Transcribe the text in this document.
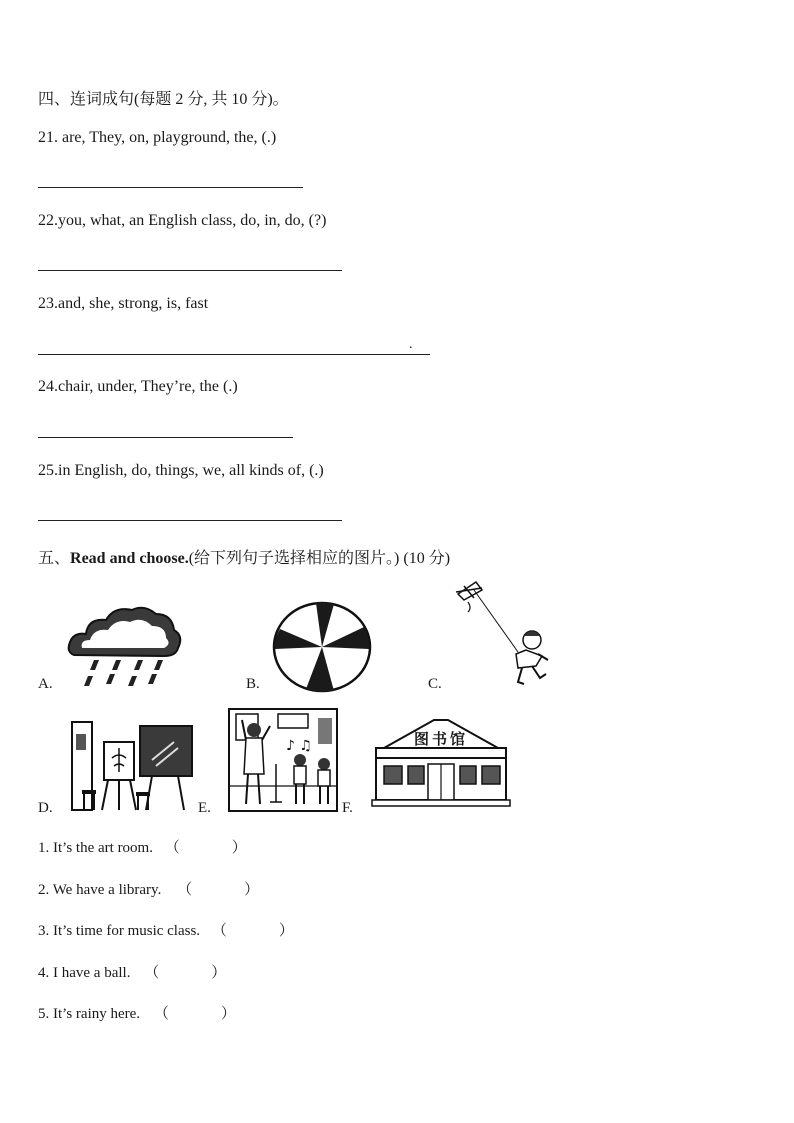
四、连词成句(每题 2 分, 共 10 分)。
21. are, They, on, playground, the, (.)
22.you, what, an English class, do, in, do, (?)
23.and, she, strong, is, fast
.
24.chair, under, They’re, the (.)
25.in English, do, things, we, all kinds of, (.)
五、Read and choose.(给下列句子选择相应的图片。) (10 分)
A.	B.	C.
D.
♪ ♫
E.
图书馆
F.
1. It’s the art room. （	）
2. We have a library. （	）
3. It’s time for music class. （	）
4. I have a ball. （	）
5. It’s rainy here. （	）
